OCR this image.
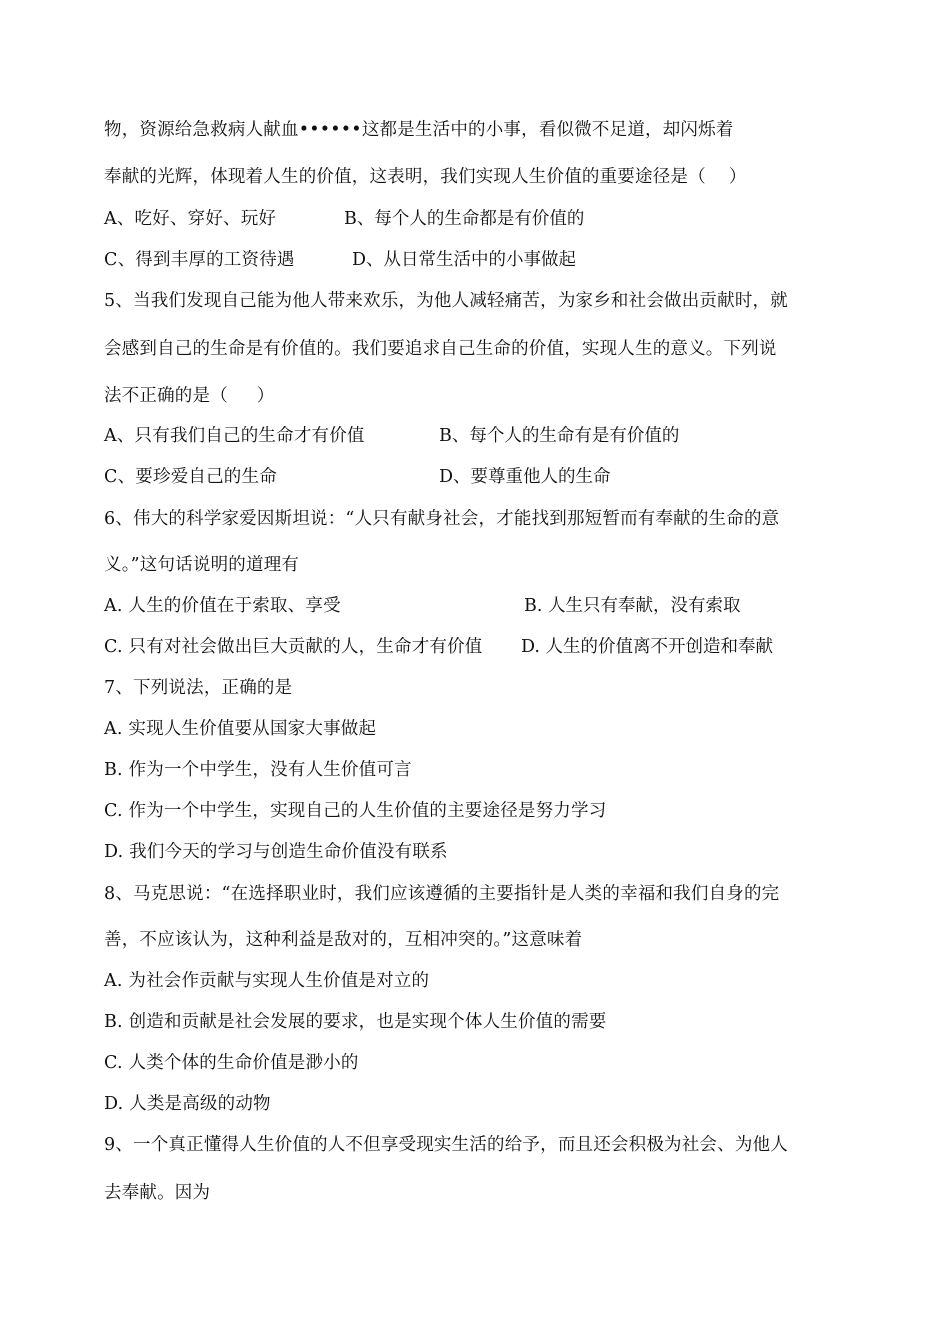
物，资源给急救病人献血••••••这都是生活中的小事，看似微不足道，却闪烁着
奉献的光辉，体现着人生的价值，这表明，我们实现人生价值的重要途径是（    ）
A、吃好、穿好、玩好	B、每个人的生命都是有价值的
C、得到丰厚的工资待遇	D、从日常生活中的小事做起
5、当我们发现自己能为他人带来欢乐，为他人减轻痛苦，为家乡和社会做出贡献时，就
会感到自己的生命是有价值的。我们要追求自己生命的价值，实现人生的意义。下列说
法不正确的是（     ）
A、只有我们自己的生命才有价值	B、每个人的生命有是有价值的
C、要珍爱自己的生命	D、要尊重他人的生命
6、伟大的科学家爱因斯坦说：“人只有献身社会，才能找到那短暂而有奉献的生命的意
义。”这句话说明的道理有
A. 人生的价值在于索取、享受	B. 人生只有奉献，没有索取
C. 只有对社会做出巨大贡献的人，生命才有价值 D. 人生的价值离不开创造和奉献
7、下列说法，正确的是
A. 实现人生价值要从国家大事做起
B. 作为一个中学生，没有人生价值可言
C. 作为一个中学生，实现自己的人生价值的主要途径是努力学习
D. 我们今天的学习与创造生命价值没有联系
8、马克思说：“在选择职业时，我们应该遵循的主要指针是人类的幸福和我们自身的完
善，不应该认为，这种利益是敌对的，互相冲突的。”这意味着
A. 为社会作贡献与实现人生价值是对立的
B. 创造和贡献是社会发展的要求，也是实现个体人生价值的需要
C. 人类个体的生命价值是渺小的
D. 人类是高级的动物
9、一个真正懂得人生价值的人不但享受现实生活的给予，而且还会积极为社会、为他人
去奉献。因为
